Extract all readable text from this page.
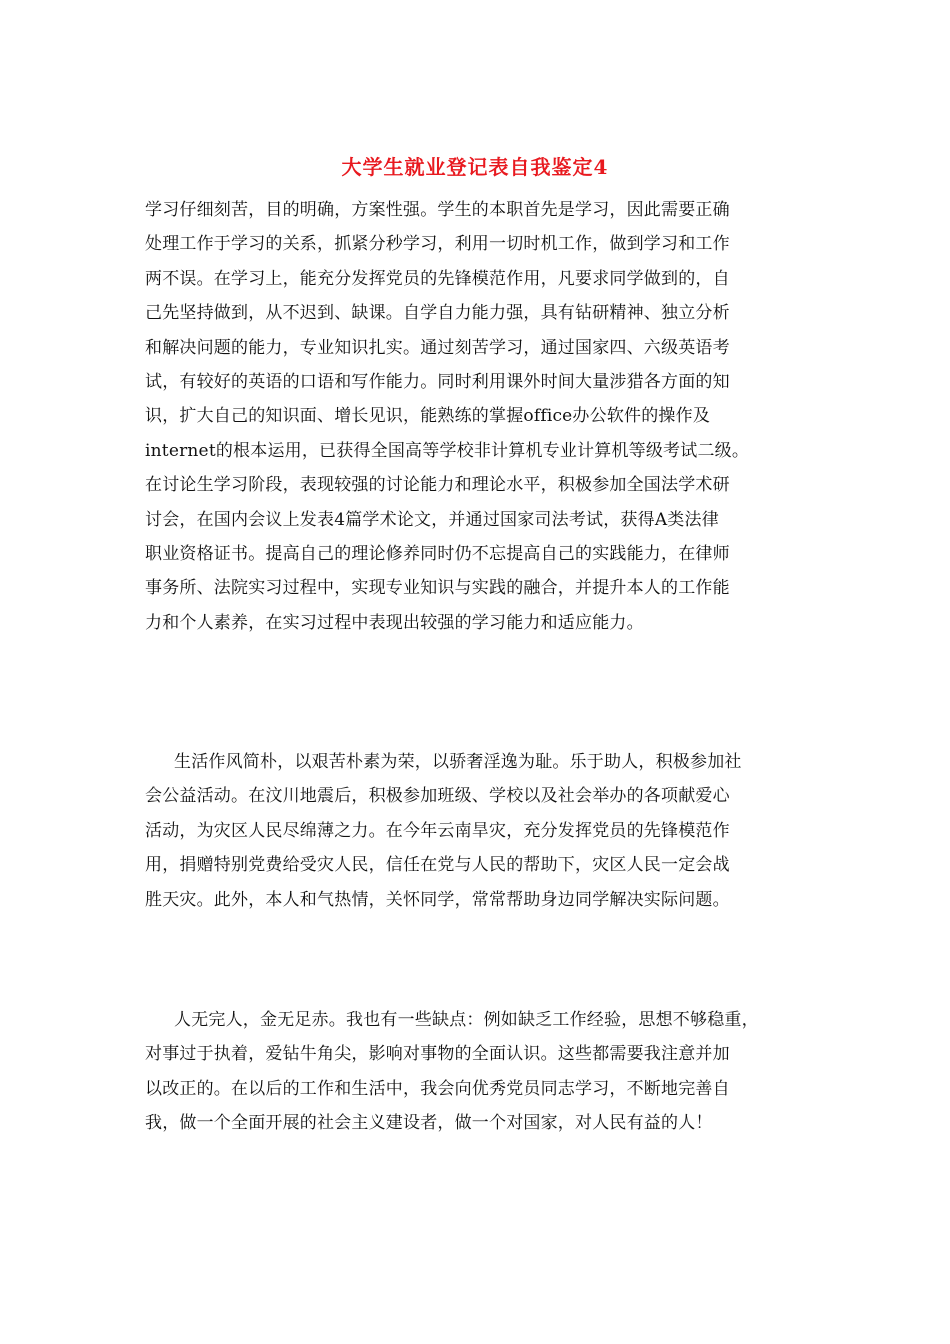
大学生就业登记表自我鉴定4
学习仔细刻苦，目的明确，方案性强。学生的本职首先是学习，因此需要正确
处理工作于学习的关系，抓紧分秒学习，利用一切时机工作，做到学习和工作
两不误。在学习上，能充分发挥党员的先锋模范作用，凡要求同学做到的，自
己先坚持做到，从不迟到、缺课。自学自力能力强，具有钻研精神、独立分析
和解决问题的能力，专业知识扎实。通过刻苦学习，通过国家四、六级英语考
试，有较好的英语的口语和写作能力。同时利用课外时间大量涉猎各方面的知
识，扩大自己的知识面、增长见识，能熟练的掌握office办公软件的操作及
internet的根本运用，已获得全国高等学校非计算机专业计算机等级考试二级。
在讨论生学习阶段，表现较强的讨论能力和理论水平，积极参加全国法学术研
讨会，在国内会议上发表4篇学术论文，并通过国家司法考试，获得A类法律
职业资格证书。提高自己的理论修养同时仍不忘提高自己的实践能力，在律师
事务所、法院实习过程中，实现专业知识与实践的融合，并提升本人的工作能
力和个人素养，在实习过程中表现出较强的学习能力和适应能力。
生活作风简朴，以艰苦朴素为荣，以骄奢淫逸为耻。乐于助人，积极参加社
会公益活动。在汶川地震后，积极参加班级、学校以及社会举办的各项献爱心
活动，为灾区人民尽绵薄之力。在今年云南旱灾，充分发挥党员的先锋模范作
用，捐赠特别党费给受灾人民，信任在党与人民的帮助下，灾区人民一定会战
胜天灾。此外，本人和气热情，关怀同学，常常帮助身边同学解决实际问题。
人无完人，金无足赤。我也有一些缺点：例如缺乏工作经验，思想不够稳重，
对事过于执着，爱钻牛角尖，影响对事物的全面认识。这些都需要我注意并加
以改正的。在以后的工作和生活中，我会向优秀党员同志学习，不断地完善自
我，做一个全面开展的社会主义建设者，做一个对国家，对人民有益的人！
